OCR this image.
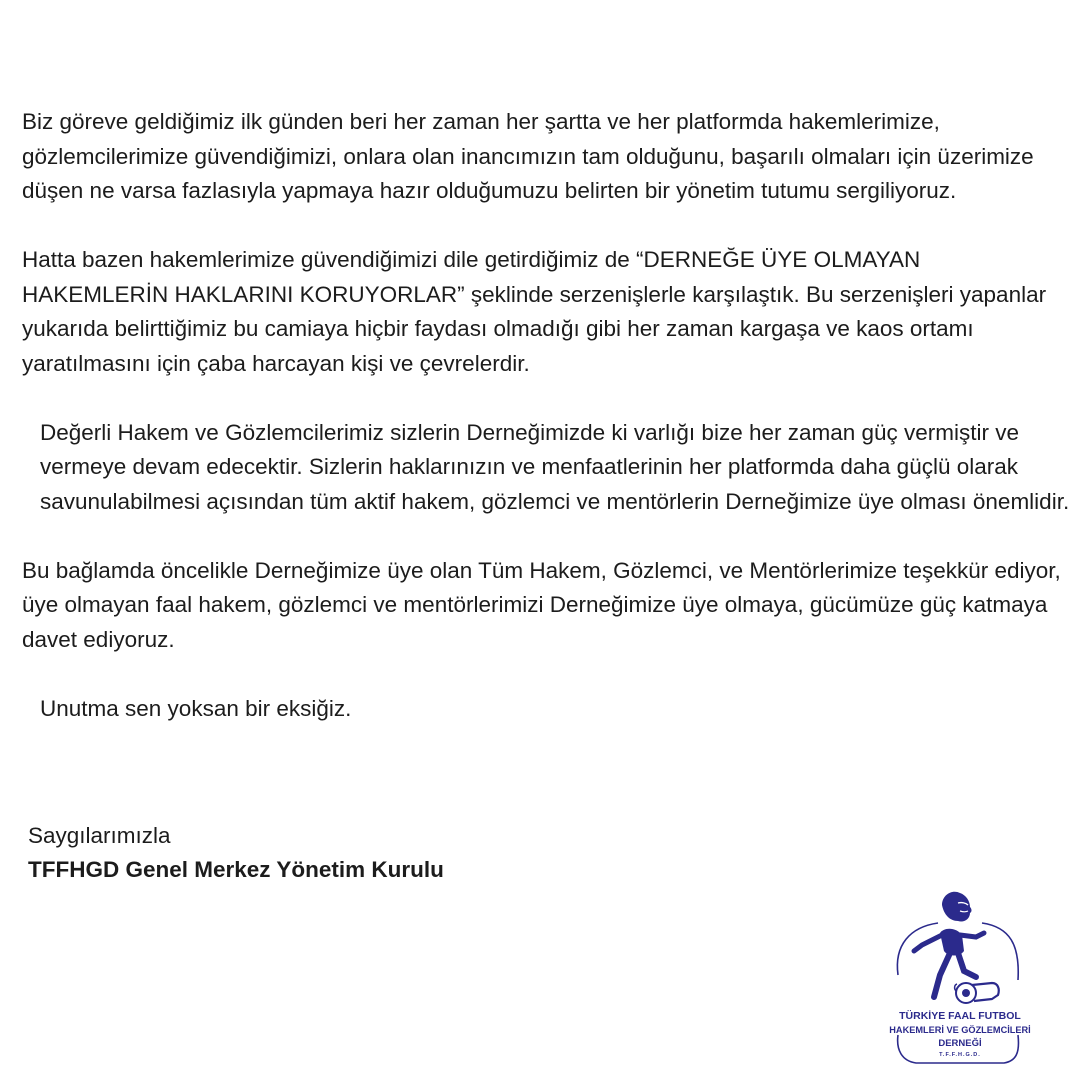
Biz göreve geldiğimiz ilk günden beri her zaman her şartta ve her platformda hakemlerimize, gözlemcilerimize güvendiğimizi, onlara olan inancımızın tam olduğunu, başarılı olmaları için üzerimize düşen ne varsa fazlasıyla yapmaya hazır olduğumuzu belirten bir yönetim tutumu sergiliyoruz.

Hatta bazen hakemlerimize güvendiğimizi dile getirdiğimiz de “DERNEĞE ÜYE OLMAYAN HAKEMLERİN HAKLARINI KORUYORLAR” şeklinde serzenişlerle karşılaştık. Bu serzenişleri yapanlar yukarıda belirttiğimiz bu camiaya hiçbir faydası olmadığı gibi her zaman kargaşa ve kaos ortamı yaratılmasını için çaba harcayan kişi ve çevrelerdir.

Değerli Hakem ve Gözlemcilerimiz sizlerin Derneğimizde ki varlığı bize her zaman güç vermiştir ve vermeye devam edecektir. Sizlerin haklarınızın ve menfaatlerinin her platformda daha güçlü olarak savunulabilmesi açısından tüm aktif hakem, gözlemci ve mentörlerin Derneğimize üye olması önemlidir.

Bu bağlamda öncelikle Derneğimize üye olan Tüm Hakem, Gözlemci, ve Mentörlerimize teşekkür ediyor, üye olmayan faal hakem, gözlemci ve mentörlerimizi Derneğimize üye olmaya, gücümüze güç katmaya davet ediyoruz.

Unutma sen yoksan bir eksiğiz.

Saygılarımızla
TFFHGD Genel Merkez Yönetim Kurulu
TÜRKİYE FAAL FUTBOL
HAKEMLERİ VE GÖZLEMCİLERİ
DERNEĞİ
T.F.F.H.G.D.
